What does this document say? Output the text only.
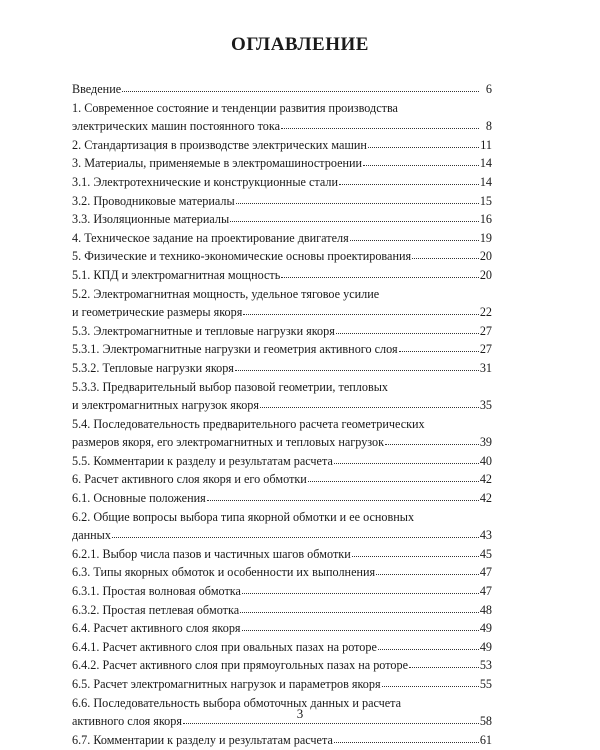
ОГЛАВЛЕНИЕ
Введение	6
1. Современное состояние и тенденции развития производства
электрических машин постоянного тока	8
2. Стандартизация в производстве электрических машин	11
3. Материалы, применяемые в электромашиностроении	14
3.1. Электротехнические и конструкционные стали	14
3.2. Проводниковые материалы	15
3.3. Изоляционные материалы	16
4. Техническое задание на проектирование двигателя	19
5. Физические и технико-экономические основы проектирования	20
5.1. КПД и электромагнитная мощность	20
5.2. Электромагнитная мощность, удельное тяговое усилие
и геометрические размеры якоря	22
5.3. Электромагнитные и тепловые нагрузки якоря	27
5.3.1. Электромагнитные нагрузки и геометрия активного слоя	27
5.3.2. Тепловые нагрузки якоря	31
5.3.3. Предварительный выбор пазовой геометрии, тепловых
и электромагнитных нагрузок якоря	35
5.4. Последовательность предварительного расчета геометрических
размеров якоря, его электромагнитных и тепловых нагрузок	39
5.5. Комментарии к разделу и результатам расчета	40
6. Расчет активного слоя якоря и его обмотки	42
6.1. Основные положения	42
6.2. Общие вопросы выбора типа якорной обмотки и ее основных
данных	43
6.2.1. Выбор числа пазов и частичных шагов обмотки	45
6.3. Типы якорных обмоток и особенности их выполнения	47
6.3.1. Простая волновая обмотка	47
6.3.2. Простая петлевая обмотка	48
6.4. Расчет активного слоя якоря	49
6.4.1. Расчет активного слоя при овальных пазах на роторе	49
6.4.2. Расчет активного слоя при прямоугольных пазах на роторе	53
6.5. Расчет электромагнитных нагрузок и параметров якоря	55
6.6. Последовательность выбора обмоточных данных и расчета
активного слоя якоря	58
6.7. Комментарии к разделу и результатам расчета	61
3
